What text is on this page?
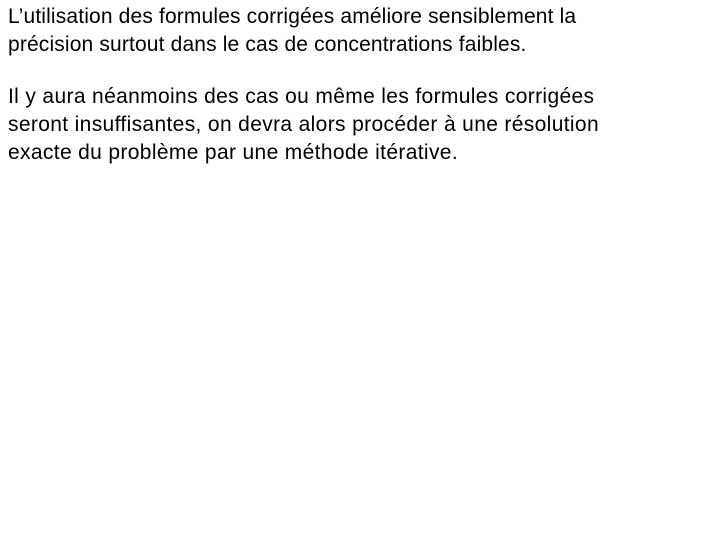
L’utilisation des formules corrigées améliore sensiblement la
précision surtout dans le cas de concentrations faibles.

Il y aura néanmoins des cas ou même les formules corrigées
seront insuffisantes, on devra alors procéder à une résolution
exacte du problème par une méthode itérative.
